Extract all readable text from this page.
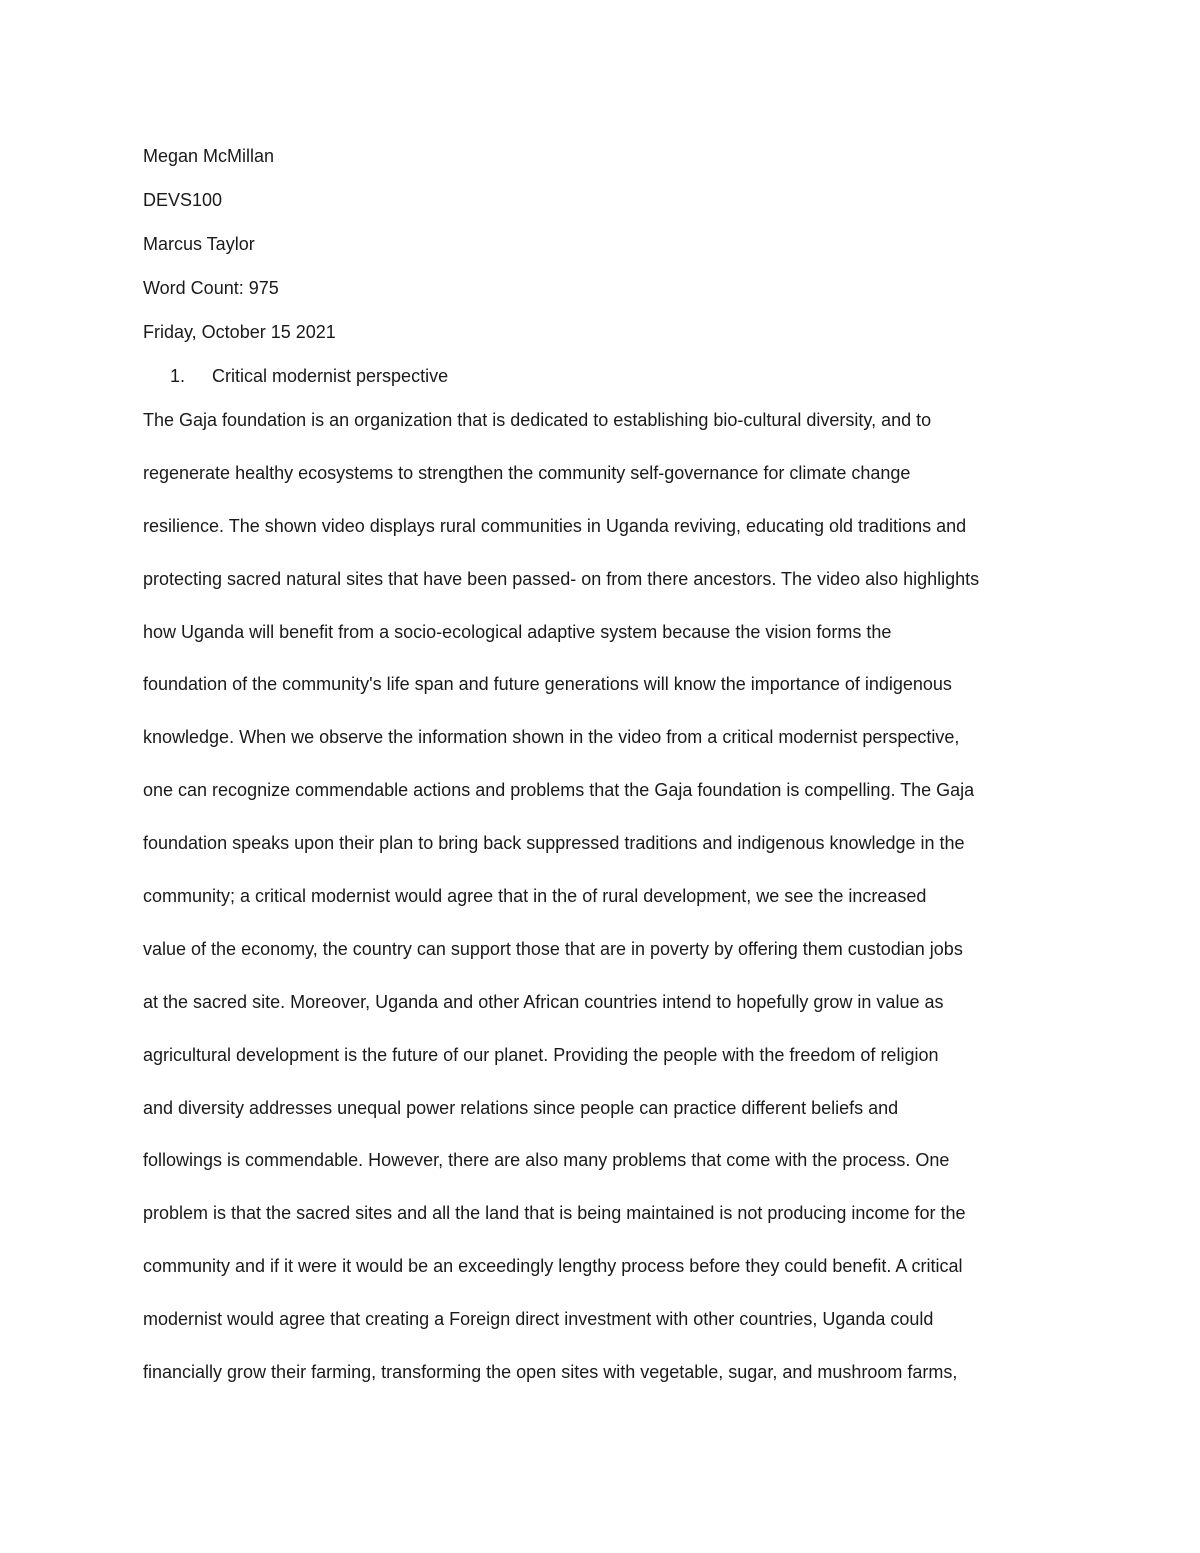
Megan McMillan
DEVS100
Marcus Taylor
Word Count: 975
Friday, October 15 2021
1. Critical modernist perspective
The Gaja foundation is an organization that is dedicated to establishing bio-cultural diversity, and to
regenerate healthy ecosystems to strengthen the community self-governance for climate change
resilience. The shown video displays rural communities in Uganda reviving, educating old traditions and
protecting sacred natural sites that have been passed- on from there ancestors. The video also highlights
how Uganda will benefit from a socio-ecological adaptive system because the vision forms the
foundation of the community's life span and future generations will know the importance of indigenous
knowledge. When we observe the information shown in the video from a critical modernist perspective,
one can recognize commendable actions and problems that the Gaja foundation is compelling. The Gaja
foundation speaks upon their plan to bring back suppressed traditions and indigenous knowledge in the
community; a critical modernist would agree that in the of rural development, we see the increased
value of the economy, the country can support those that are in poverty by offering them custodian jobs
at the sacred site. Moreover, Uganda and other African countries intend to hopefully grow in value as
agricultural development is the future of our planet. Providing the people with the freedom of religion
and diversity addresses unequal power relations since people can practice different beliefs and
followings is commendable. However, there are also many problems that come with the process. One
problem is that the sacred sites and all the land that is being maintained is not producing income for the
community and if it were it would be an exceedingly lengthy process before they could benefit. A critical
modernist would agree that creating a Foreign direct investment with other countries, Uganda could
financially grow their farming, transforming the open sites with vegetable, sugar, and mushroom farms,
